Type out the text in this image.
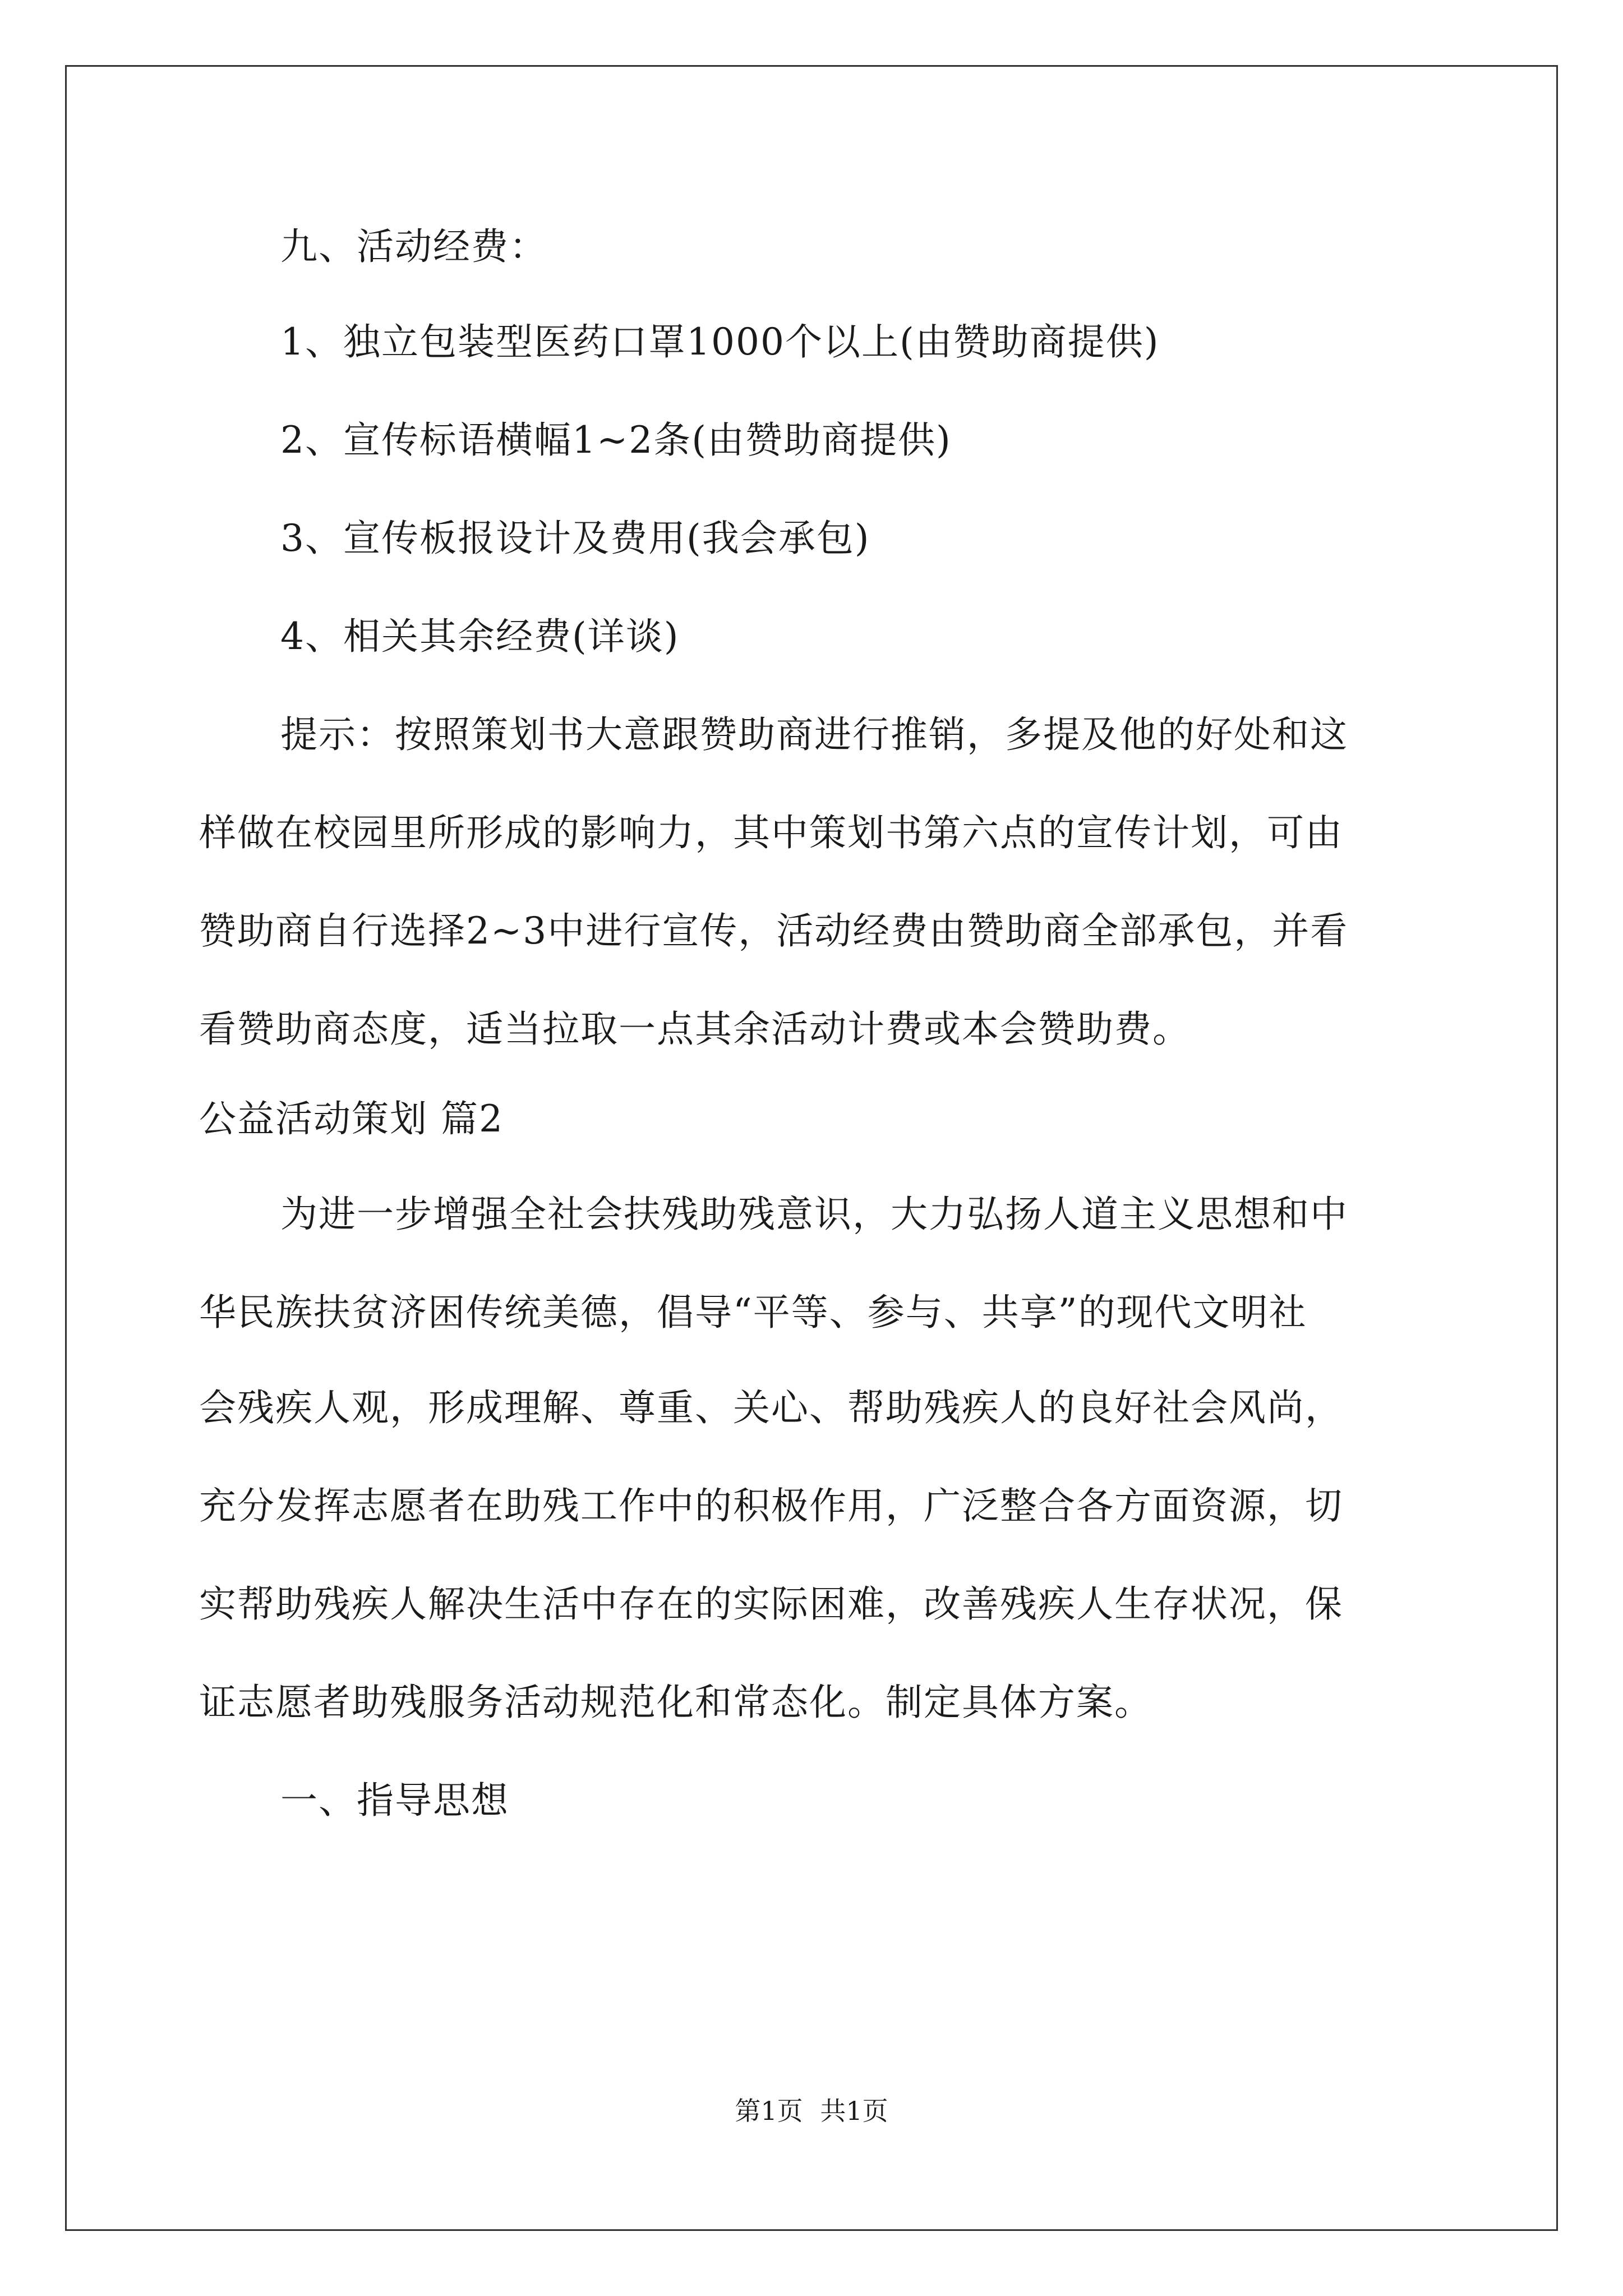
九、活动经费：
1、独立包装型医药口罩1000个以上(由赞助商提供)
2、宣传标语横幅1~2条(由赞助商提供)
3、宣传板报设计及费用(我会承包)
4、相关其余经费(详谈)
提示：按照策划书大意跟赞助商进行推销，多提及他的好处和这
样做在校园里所形成的影响力，其中策划书第六点的宣传计划，可由
赞助商自行选择2~3中进行宣传，活动经费由赞助商全部承包，并看
看赞助商态度，适当拉取一点其余活动计费或本会赞助费。
公益活动策划 篇2
为进一步增强全社会扶残助残意识，大力弘扬人道主义思想和中
华民族扶贫济困传统美德，倡导“平等、参与、共享”的现代文明社
会残疾人观，形成理解、尊重、关心、帮助残疾人的良好社会风尚，
充分发挥志愿者在助残工作中的积极作用，广泛整合各方面资源，切
实帮助残疾人解决生活中存在的实际困难，改善残疾人生存状况，保
证志愿者助残服务活动规范化和常态化。制定具体方案。
一、指导思想
第1页 共1页
